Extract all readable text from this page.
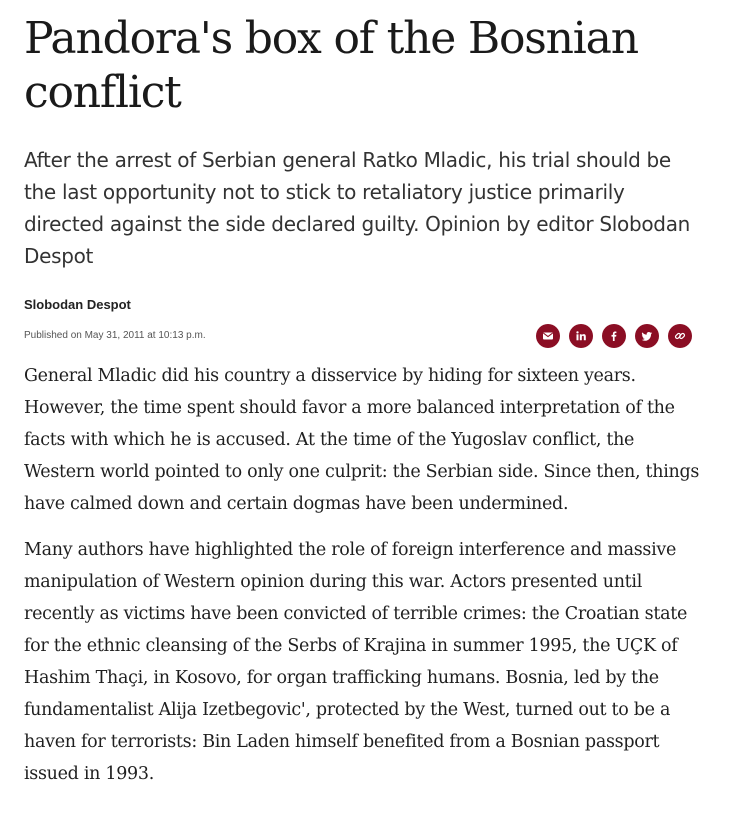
Pandora's box of the Bosnian conflict

After the arrest of Serbian general Ratko Mladic, his trial should be the last opportunity not to stick to retaliatory justice primarily directed against the side declared guilty. Opinion by editor Slobodan Despot

Slobodan Despot
Published on May 31, 2011 at 10:13 p.m.

General Mladic did his country a disservice by hiding for sixteen years. However, the time spent should favor a more balanced interpretation of the facts with which he is accused. At the time of the Yugoslav conflict, the Western world pointed to only one culprit: the Serbian side. Since then, things have calmed down and certain dogmas have been undermined.

Many authors have highlighted the role of foreign interference and massive manipulation of Western opinion during this war. Actors presented until recently as victims have been convicted of terrible crimes: the Croatian state for the ethnic cleansing of the Serbs of Krajina in summer 1995, the UÇK of Hashim Thaçi, in Kosovo, for organ trafficking humans. Bosnia, led by the fundamentalist Alija Izetbegovic', protected by the West, turned out to be a haven for terrorists: Bin Laden himself benefited from a Bosnian passport issued in 1993.
